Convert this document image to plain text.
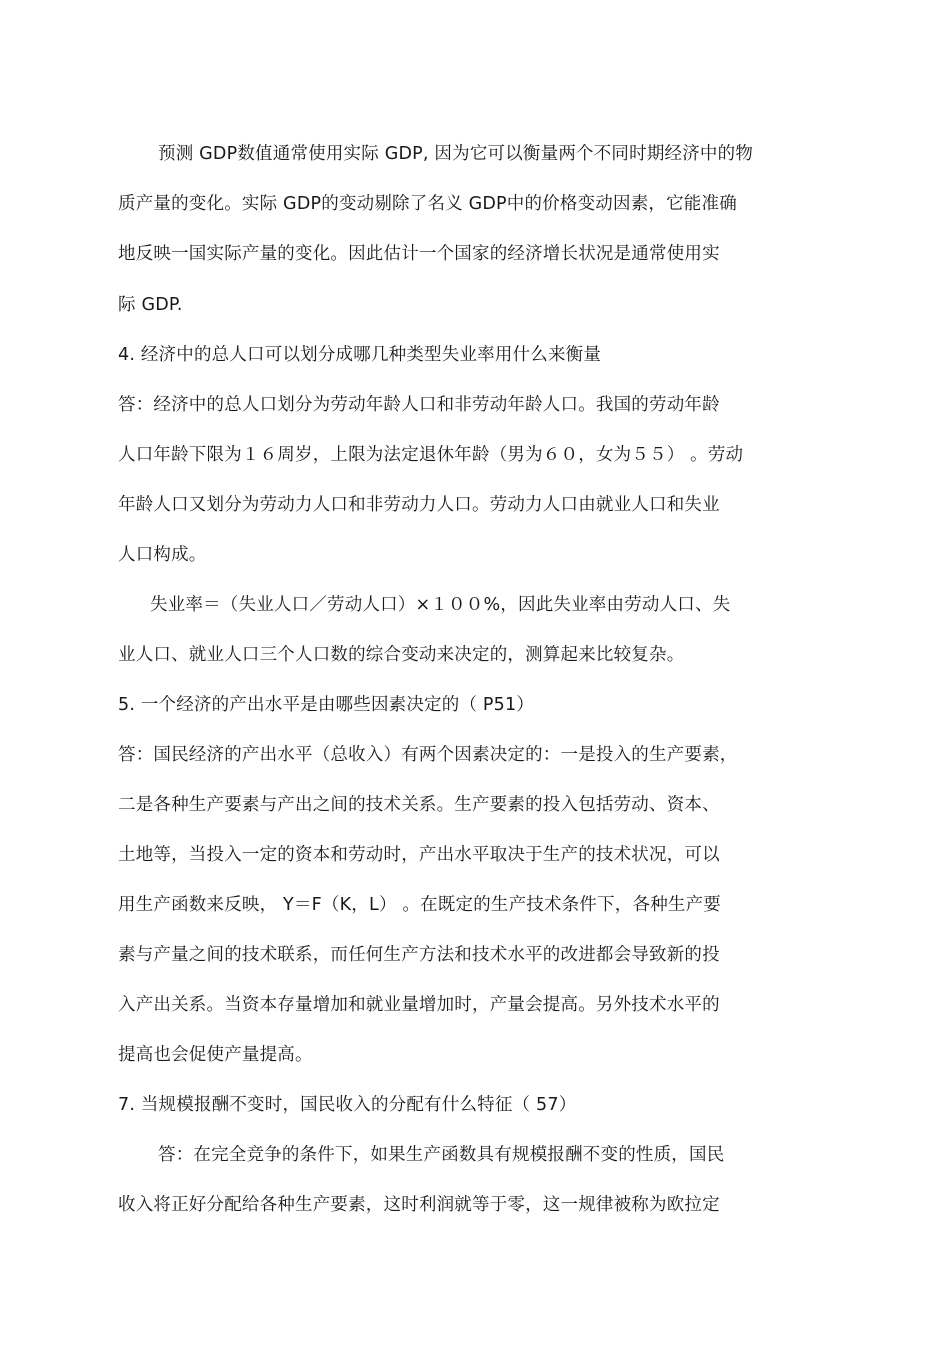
预测 GDP数值通常使用实际 GDP, 因为它可以衡量两个不同时期经济中的物
质产量的变化。实际 GDP的变动剔除了名义 GDP中的价格变动因素，它能准确
地反映一国实际产量的变化。因此估计一个国家的经济增长状况是通常使用实
际 GDP.
4. 经济中的总人口可以划分成哪几种类型失业率用什么来衡量
答：经济中的总人口划分为劳动年龄人口和非劳动年龄人口。我国的劳动年龄
人口年龄下限为１６周岁，上限为法定退休年龄（男为６０，女为５５） 。劳动
年龄人口又划分为劳动力人口和非劳动力人口。劳动力人口由就业人口和失业
人口构成。
失业率＝（失业人口／劳动人口）×１００%，因此失业率由劳动人口、失
业人口、就业人口三个人口数的综合变动来决定的，测算起来比较复杂。
5. 一个经济的产出水平是由哪些因素决定的（ P51）
答：国民经济的产出水平（总收入）有两个因素决定的：一是投入的生产要素，
二是各种生产要素与产出之间的技术关系。生产要素的投入包括劳动、资本、
土地等，当投入一定的资本和劳动时，产出水平取决于生产的技术状况，可以
用生产函数来反映， Y＝F（K，L） 。在既定的生产技术条件下，各种生产要
素与产量之间的技术联系，而任何生产方法和技术水平的改进都会导致新的投
入产出关系。当资本存量增加和就业量增加时，产量会提高。另外技术水平的
提高也会促使产量提高。
7. 当规模报酬不变时，国民收入的分配有什么特征（ 57）
答：在完全竞争的条件下，如果生产函数具有规模报酬不变的性质，国民
收入将正好分配给各种生产要素，这时利润就等于零，这一规律被称为欧拉定
